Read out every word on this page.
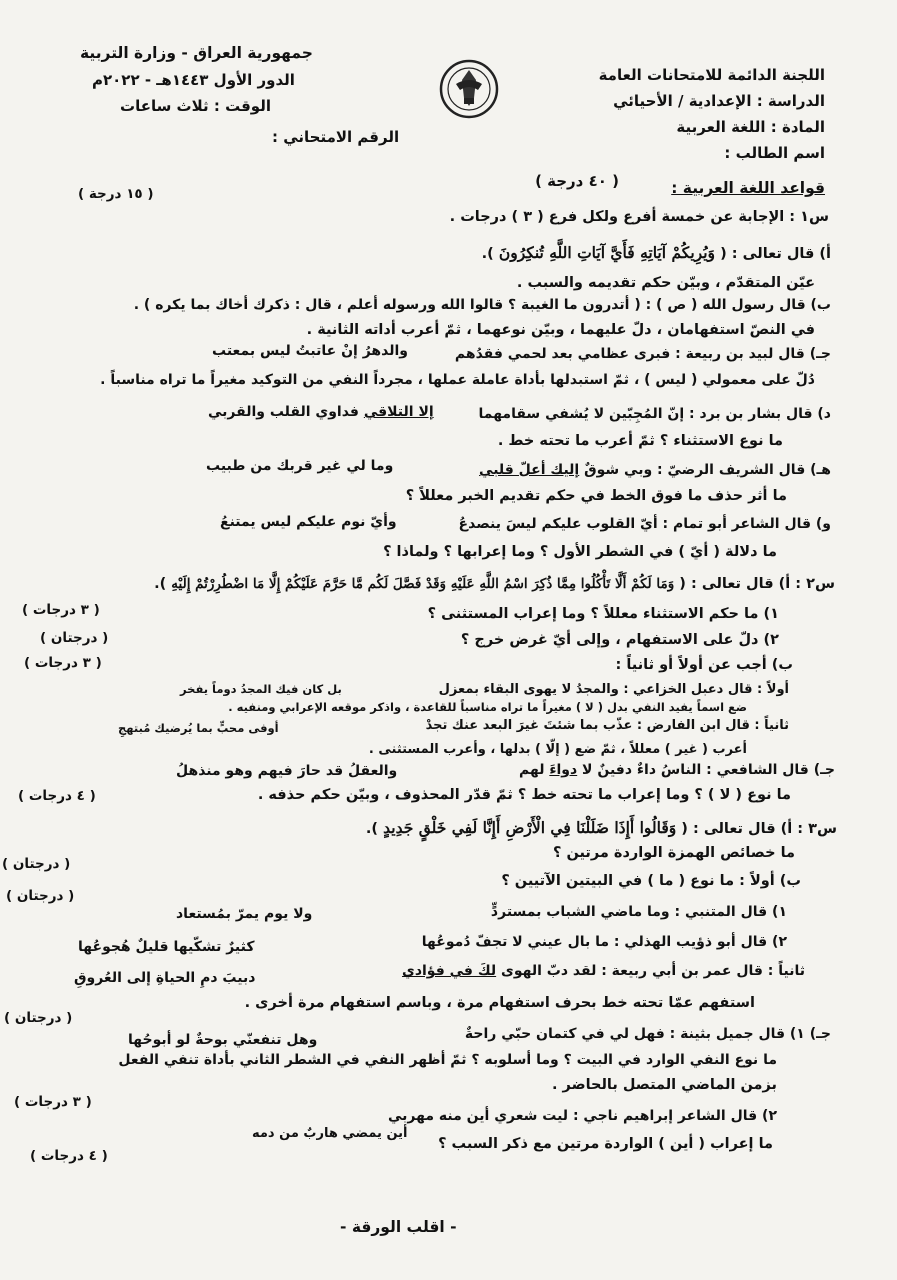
اللجنة الدائمة للامتحانات العامة
الدراسة : الإعدادية / الأحيائي
المادة : اللغة العربية
اسم الطالب :
جمهورية العراق - وزارة التربية
الدور الأول ١٤٤٣هـ - ٢٠٢٢م
الوقت : ثلاث ساعات
الرقم الامتحاني :
قواعد اللغة العربية :
( ٤٠ درجة )
س١ : الإجابة عن خمسة أفرع ولكل فرع ( ٣ ) درجات .
( ١٥ درجة )
أ) قال تعالى : ( وَيُرِيكُمْ آيَاتِهِ فَأَيَّ آيَاتِ اللَّهِ تُنكِرُونَ ).
عيّن المتقدّم ، وبيّن حكم تقديمه والسبب .
ب) قال رسول الله ( ص ) : ( أتدرون ما الغيبة ؟ قالوا الله ورسوله أعلم ، قال : ذكرك أخاك بما يكره ) .
في النصّ استفهامان ، دلّ عليهما ، وبيّن نوعهما ، ثمّ أعرب أداته الثانية .
جـ) قال لبيد بن ربيعة : فبرى عظامي بعد لحمي فقدُهم
والدهرُ إنْ عاتبتُ ليس بمعتب
دُلّ على معمولي ( ليس ) ، ثمّ استبدلها بأداة عاملة عملها ، مجرداً النفي من التوكيد مغيراً ما تراه مناسباً .
د) قال بشار بن برد : إنّ المُجِبّين لا يُشفي سقامهما
إلا التلاقي فداوي القلب والقربي
ما نوع الاستثناء ؟ ثمّ أعرب ما تحته خط .
هـ) قال الشريف الرضيّ : وبي شوقٌ إليك أعلّ قلبي
وما لي غير قربك من طبيب
ما أثر حذف ما فوق الخط في حكم تقديم الخبر معللاً ؟
و) قال الشاعر أبو تمام : أيّ القلوب عليكم ليسَ ينصدعُ
وأيّ نوم عليكم ليس يمتنعُ
ما دلالة ( أيّ ) في الشطر الأول ؟ وما إعرابها ؟ ولماذا ؟
س٢ : أ) قال تعالى : ( وَمَا لَكُمْ أَلَّا تَأْكُلُوا مِمَّا ذُكِرَ اسْمُ اللَّهِ عَلَيْهِ وَقَدْ فَصَّلَ لَكُم مَّا حَرَّمَ عَلَيْكُمْ إِلَّا مَا اضْطُرِرْتُمْ إِلَيْهِ ).
١) ما حكم الاستثناء معللاً ؟ وما إعراب المستثنى ؟
( ٣ درجات )
٢) دلّ على الاستفهام ، وإلى أيّ غرض خرج ؟
( درجتان )
ب) أجب عن أولاً أو ثانياً :
( ٣ درجات )
أولاً : قال دعبل الخزاعي : والمجدُ لا يهوى البقاء بمعزل
بل كان فيك المجدُ دوماً يفخر
ضع اسماً يفيد النفي بدل ( لا ) مغيراً ما تراه مناسباً للقاعدة ، واذكر موقعه الإعرابي ومنفيه .
ثانياً : قال ابن الفارض : عذّب بما شئتَ غيرَ البعد عنك تجدْ
أوفى محبٍّ بما يُرضيك مُبتهجِ
أعرب ( غير ) معللاً ، ثمّ ضع ( إلّا ) بدلها ، وأعرب المستثنى .
جـ) قال الشافعي : الناسُ داءٌ دفينٌ لا دواءَ لهم
والعقلُ قد حارَ فيهم وهو منذهلُ
ما نوع ( لا ) ؟ وما إعراب ما تحته خط ؟ ثمّ قدّر المحذوف ، وبيّن حكم حذفه .
( ٤ درجات )
س٣ : أ) قال تعالى : ( وَقَالُوا أَإِذَا ضَلَلْنَا فِي الْأَرْضِ أَإِنَّا لَفِي خَلْقٍ جَدِيدٍ ).
ما خصائص الهمزة الواردة مرتين ؟
( درجتان )
ب) أولاً : ما نوع ( ما ) في البيتين الآتيين ؟
( درجتان )
١) قال المتنبي : وما ماضي الشباب بمستردٍّ
ولا يوم يمرّ بمُستعاد
٢) قال أبو ذؤيب الهذلي : ما بال عيني لا تجفّ دُموعُها
كثيرٌ تشكّيها قليلٌ هُجوعُها
ثانياً : قال عمر بن أبي ربيعة : لقد دبّ الهوى لكَ في فؤادي
دبيبَ دمِ الحياةِ إلى العُروقِ
استفهم عمّا تحته خط بحرف استفهام مرة ، وباسم استفهام مرة أخرى .
( درجتان )
جـ) ١) قال جميل بثينة : فهل لي في كتمان حبّي راحةٌ
وهل تنفعنّي بوحةٌ لو أبوحُها
ما نوع النفي الوارد في البيت ؟ وما أسلوبه ؟ ثمّ أظهر النفي في الشطر الثاني بأداة تنفي الفعل
بزمن الماضي المتصل بالحاضر .
( ٣ درجات )
٢) قال الشاعر إبراهيم ناجي : ليت شعري أين منه مهربي
أين يمضي هاربٌ من دمه
ما إعراب ( أين ) الواردة مرتين مع ذكر السبب ؟
( ٤ درجات )
- اقلب الورقة -
